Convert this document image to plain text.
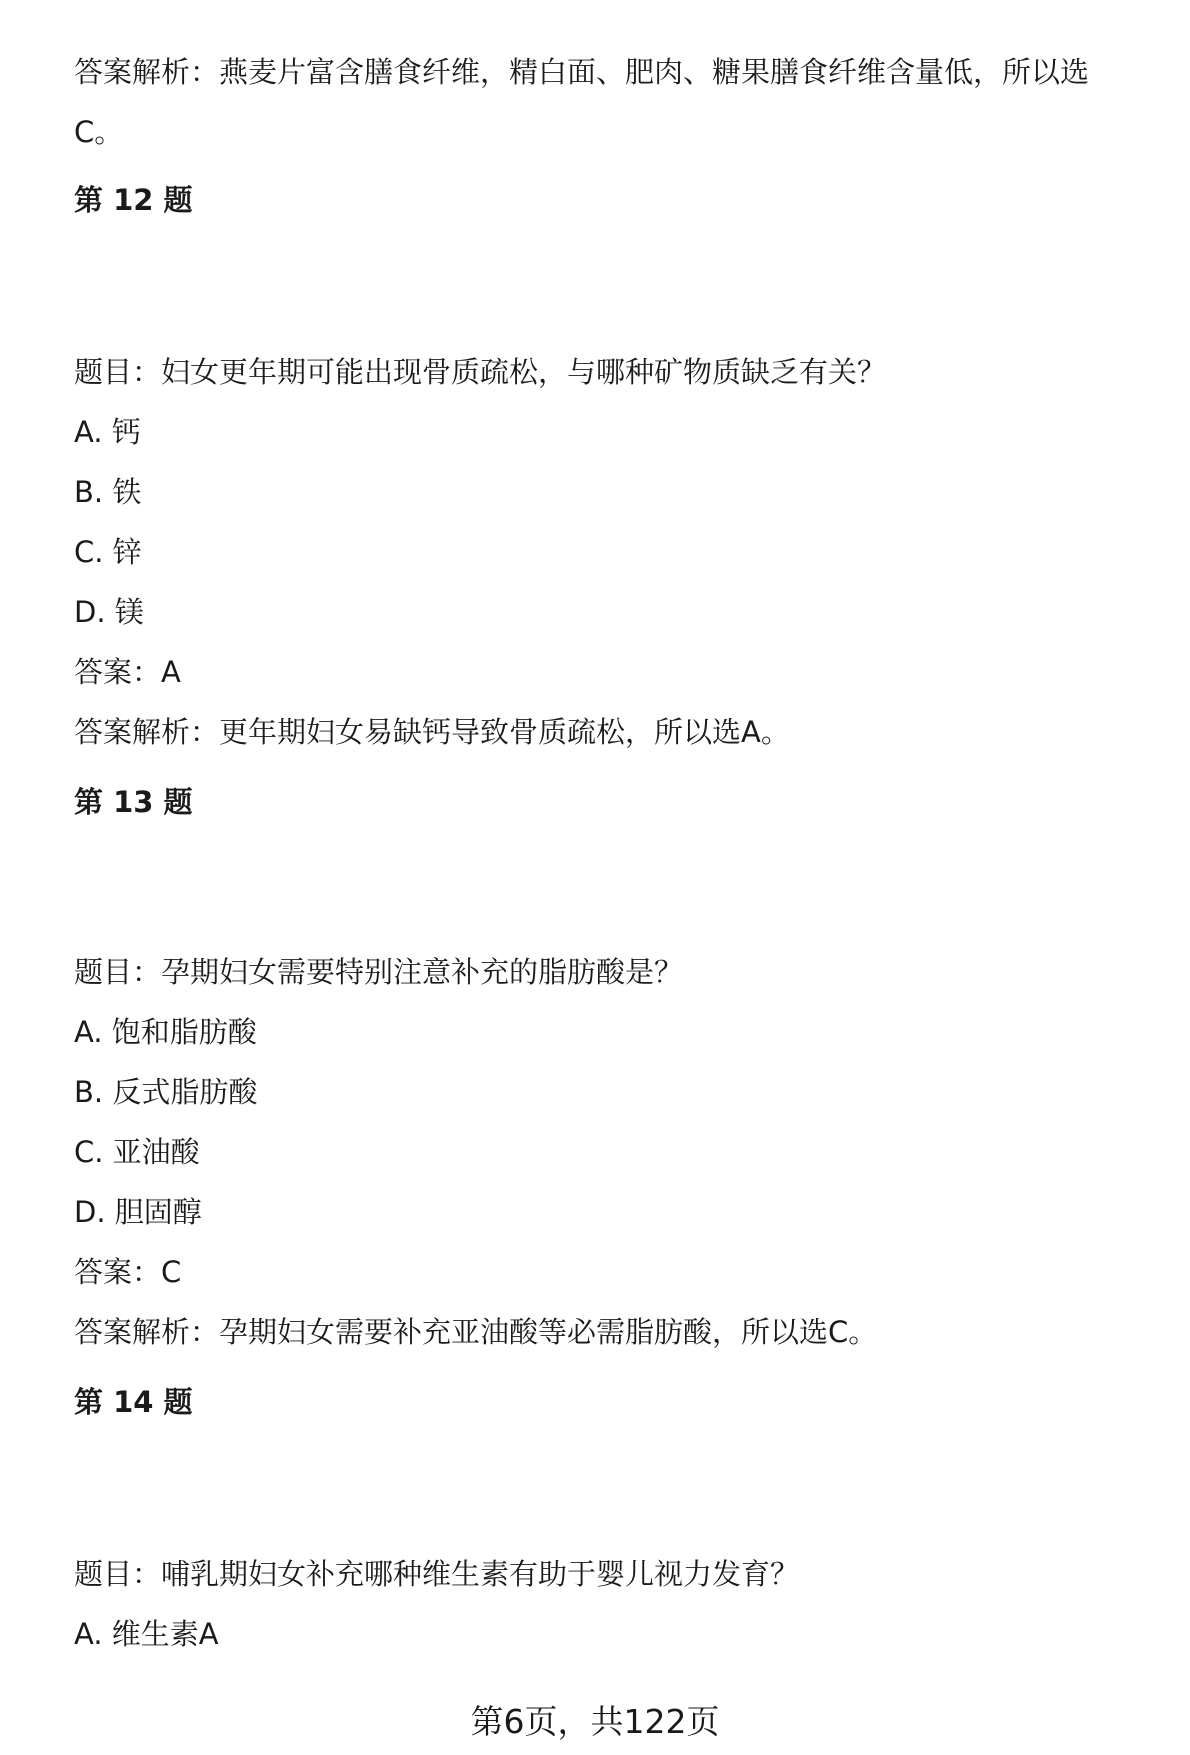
答案解析：燕麦片富含膳食纤维，精白面、肥肉、糖果膳食纤维含量低，所以选
C。
第 12 题
题目：妇女更年期可能出现骨质疏松，与哪种矿物质缺乏有关？
A. 钙
B. 铁
C. 锌
D. 镁
答案：A
答案解析：更年期妇女易缺钙导致骨质疏松，所以选A。
第 13 题
题目：孕期妇女需要特别注意补充的脂肪酸是？
A. 饱和脂肪酸
B. 反式脂肪酸
C. 亚油酸
D. 胆固醇
答案：C
答案解析：孕期妇女需要补充亚油酸等必需脂肪酸，所以选C。
第 14 题
题目：哺乳期妇女补充哪种维生素有助于婴儿视力发育？
A. 维生素A
第6页，共122页
